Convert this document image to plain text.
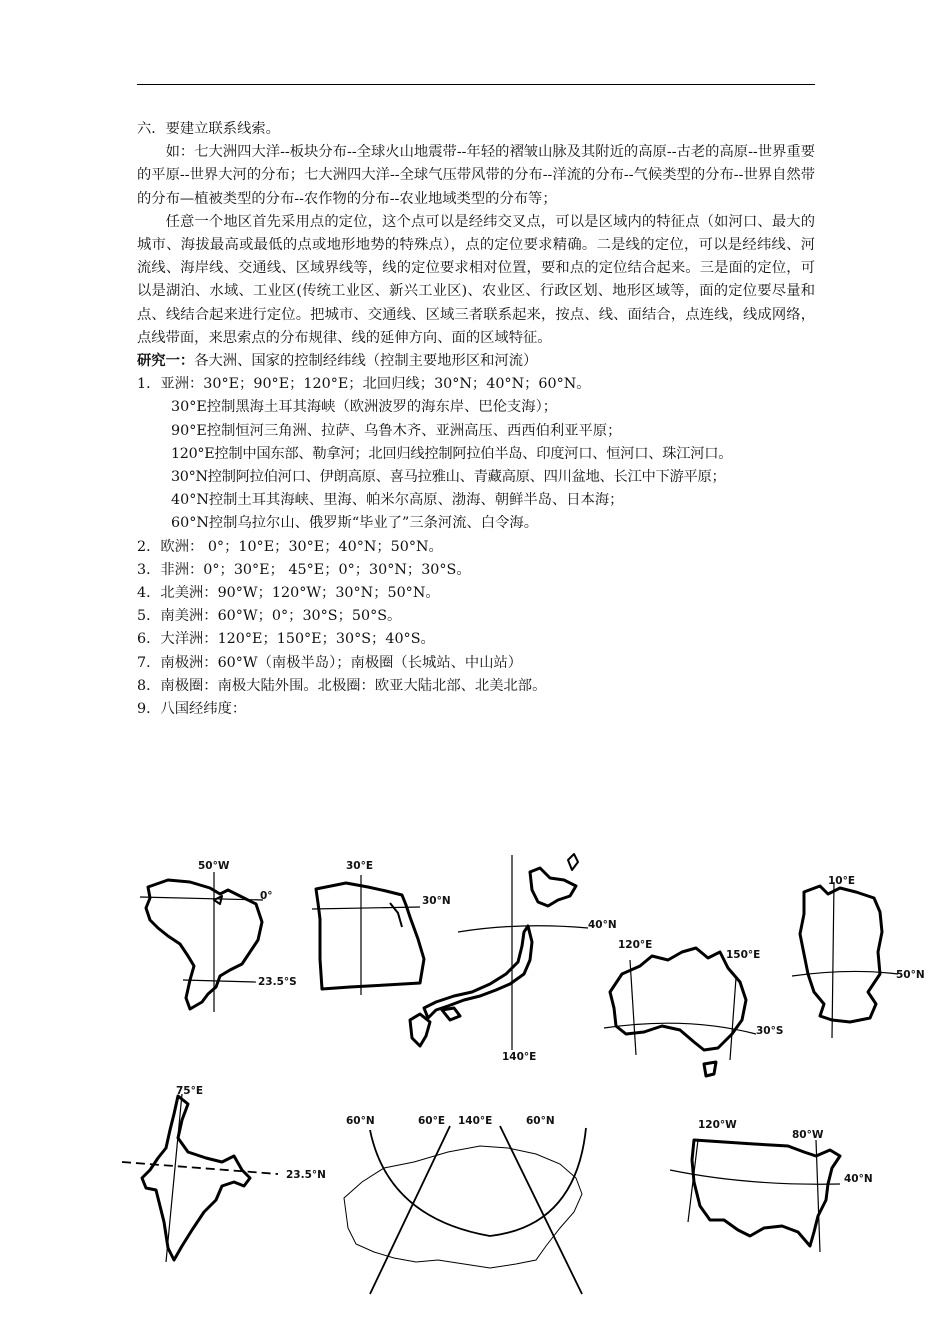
六．要建立联系线索。

如：七大洲四大洋--板块分布--全球火山地震带--年轻的褶皱山脉及其附近的高原--古老的高原--世界重要的平原--世界大河的分布；七大洲四大洋--全球气压带风带的分布--洋流的分布--气候类型的分布--世界自然带的分布—植被类型的分布--农作物的分布--农业地域类型的分布等；

任意一个地区首先采用点的定位，这个点可以是经纬交叉点，可以是区域内的特征点（如河口、最大的城市、海拔最高或最低的点或地形地势的特殊点），点的定位要求精确。二是线的定位，可以是经纬线、河流线、海岸线、交通线、区域界线等，线的定位要求相对位置，要和点的定位结合起来。三是面的定位，可以是湖泊、水域、工业区(传统工业区、新兴工业区)、农业区、行政区划、地形区域等，面的定位要尽量和点、线结合起来进行定位。把城市、交通线、区域三者联系起来，按点、线、面结合，点连线，线成网络，点线带面，来思索点的分布规律、线的延伸方向、面的区域特征。

研究一：各大洲、国家的控制经纬线（控制主要地形区和河流）

1．亚洲：30°E；90°E；120°E；北回归线；30°N；40°N；60°N。

30°E控制黑海土耳其海峡（欧洲波罗的海东岸、巴伦支海）；

90°E控制恒河三角洲、拉萨、乌鲁木齐、亚洲高压、西西伯利亚平原；

120°E控制中国东部、勒拿河；北回归线控制阿拉伯半岛、印度河口、恒河口、珠江河口。

30°N控制阿拉伯河口、伊朗高原、喜马拉雅山、青藏高原、四川盆地、长江中下游平原；

40°N控制土耳其海峡、里海、帕米尔高原、渤海、朝鲜半岛、日本海；

60°N控制乌拉尔山、俄罗斯“毕业了”三条河流、白令海。

2．欧洲： 0°；10°E；30°E；40°N；50°N。

3．非洲：0°；30°E； 45°E；0°；30°N；30°S。

4．北美洲：90°W；120°W；30°N；50°N。

5．南美洲：60°W；0°；30°S；50°S。

6．大洋洲：120°E；150°E；30°S；40°S。

7．南极洲：60°W（南极半岛）；南极圈（长城站、中山站）

8．南极圈：南极大陆外围。北极圈：欧亚大陆北部、北美北部。

9．八国经纬度：

50°W
0°
23.5°S
30°E
30°N
40°N
140°E
120°E
150°E
30°S
10°E
50°N
75°E
23.5°N
60°N	60°E 140°E	60°N	120°W
80°W
40°N
